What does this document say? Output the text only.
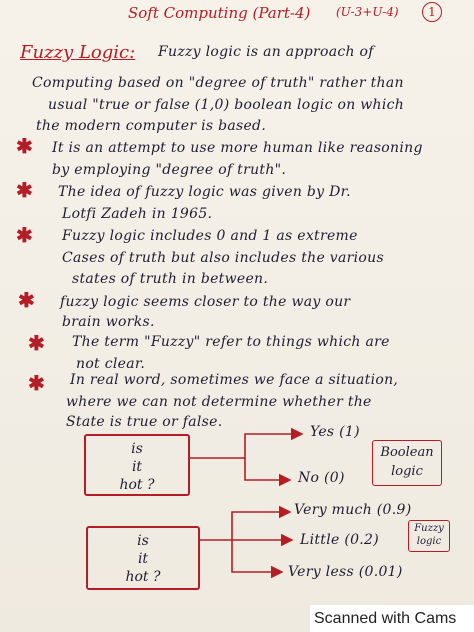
Soft Computing (Part-4) (U-3+U-4)	1
Fuzzy Logic: Fuzzy logic is an approach of
Computing based on "degree of truth" rather than
usual "true or false (1,0) boolean logic on which
the modern computer is based.
✱ It is an attempt to use more human like reasoning
by employing "degree of truth".
✱ The idea of fuzzy logic was given by Dr.
Lotfi Zadeh in 1965.
✱ Fuzzy logic includes 0 and 1 as extreme
Cases of truth but also includes the various
states of truth in between.
✱ fuzzy logic seems closer to the way our
brain works.
✱ The term "Fuzzy" refer to things which are
not clear.
✱ In real word, sometimes we face a situation,
where we can not determine whether the
State is true or false.
is
it
hot ?
Yes (1)
No (0)
Boolean
logic
is
it
hot ?
Very much (0.9)
Little (0.2)
Very less (0.01)
Fuzzy
logic
Scanned with Cams
